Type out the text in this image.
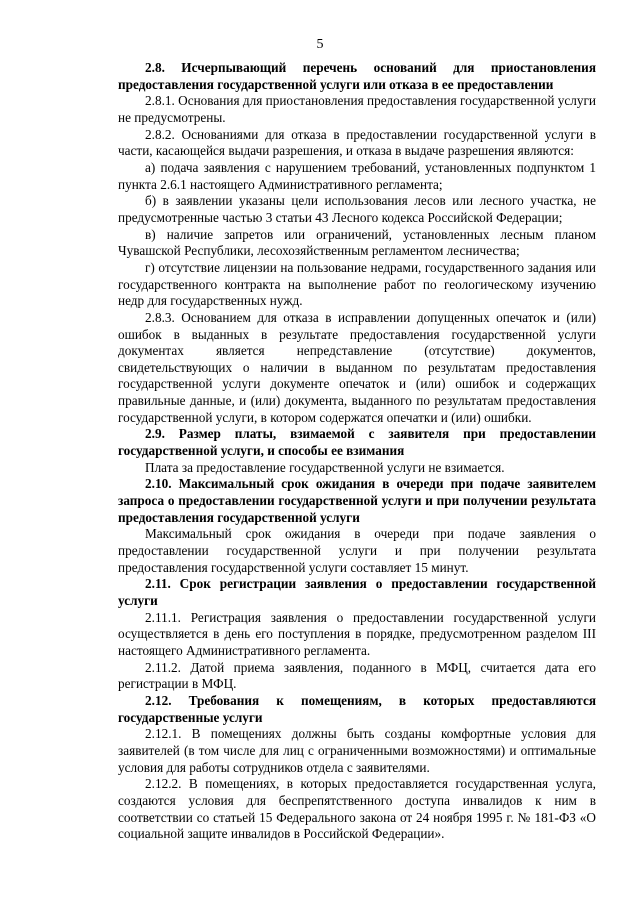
5

2.8. Исчерпывающий перечень оснований для приостановления предоставления государственной услуги или отказа в ее предоставлении

2.8.1. Основания для приостановления предоставления государственной услуги не предусмотрены.

2.8.2. Основаниями для отказа в предоставлении государственной услуги в части, касающейся выдачи разрешения, и отказа в выдаче разрешения являются:

а) подача заявления с нарушением требований, установленных подпунктом 1 пункта 2.6.1 настоящего Административного регламента;

б) в заявлении указаны цели использования лесов или лесного участка, не предусмотренные частью 3 статьи 43 Лесного кодекса Российской Федерации;

в) наличие запретов или ограничений, установленных лесным планом Чувашской Республики, лесохозяйственным регламентом лесничества;

г) отсутствие лицензии на пользование недрами, государственного задания или государственного контракта на выполнение работ по геологическому изучению недр для государственных нужд.

2.8.3. Основанием для отказа в исправлении допущенных опечаток и (или) ошибок в выданных в результате предоставления государственной услуги документах является непредставление (отсутствие) документов, свидетельствующих о наличии в выданном по результатам предоставления государственной услуги документе опечаток и (или) ошибок и содержащих правильные данные, и (или) документа, выданного по результатам предоставления государственной услуги, в котором содержатся опечатки и (или) ошибки.

2.9. Размер платы, взимаемой с заявителя при предоставлении государственной услуги, и способы ее взимания

Плата за предоставление государственной услуги не взимается.

2.10. Максимальный срок ожидания в очереди при подаче заявителем запроса о предоставлении государственной услуги и при получении результата предоставления государственной услуги

Максимальный срок ожидания в очереди при подаче заявления о предоставлении государственной услуги и при получении результата предоставления государственной услуги составляет 15 минут.

2.11. Срок регистрации заявления о предоставлении государственной услуги

2.11.1. Регистрация заявления о предоставлении государственной услуги осуществляется в день его поступления в порядке, предусмотренном разделом III настоящего Административного регламента.

2.11.2. Датой приема заявления, поданного в МФЦ, считается дата его регистрации в МФЦ.

2.12. Требования к помещениям, в которых предоставляются государственные услуги

2.12.1. В помещениях должны быть созданы комфортные условия для заявителей (в том числе для лиц с ограниченными возможностями) и оптимальные условия для работы сотрудников отдела с заявителями.

2.12.2. В помещениях, в которых предоставляется государственная услуга, создаются условия для беспрепятственного доступа инвалидов к ним в соответствии со статьей 15 Федерального закона от 24 ноября 1995 г. № 181-ФЗ «О социальной защите инвалидов в Российской Федерации».
